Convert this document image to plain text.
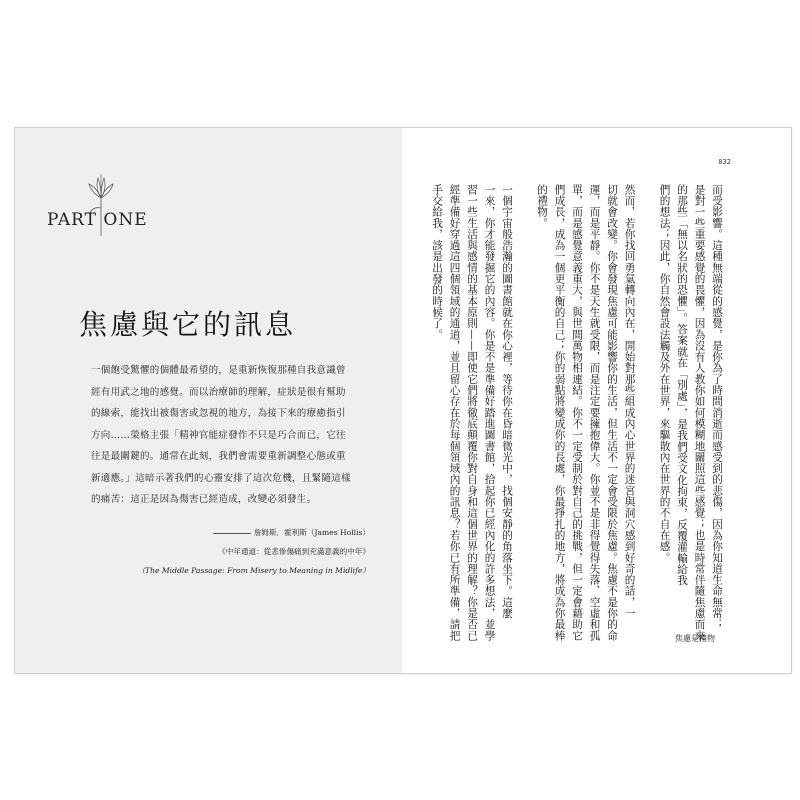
PART ONE
焦慮與它的訊息
一個飽受驚懼的個體最希望的，是重新恢復那種自我意識曾經有用武之地的感覺。而以治療師的理解，症狀是很有幫助的線索，能找出被傷害或忽視的地方，為接下來的療癒指引方向……榮格主張「精神官能症發作不只是巧合而已，它往往是最關鍵的。通常在此刻，我們會需要重新調整心態或重新適應。」這暗示著我們的心靈安排了這次危機，且緊隨這樣的痛苦：這正是因為傷害已經造成，改變必須發生。
詹姆斯．霍利斯（James Hollis）
《中年通道：從悲慘傷痛到充滿意義的中年》
（The Middle Passage: From Misery to Meaning in Midlife）
032
而受影響。這種無端從的感覺，是你為了時間消逝而感受到的悲傷，因為你知道生命無常；
是對一些重要感覺的畏懼，因為沒有人教你如何模糊地關照這些感覺；也是時常伴隨焦慮而來
的那些「無以名狀的恐懼」。答案就在「別處」，是我們受文化拘束，反覆灌輸給我
們的想法；因此，你自然會設法觸及外在世界，來驅散內在世界的不自在感。
然而，若你找回勇氣轉向內在，開始對那些組成內心世界的迷宮與洞穴感到好奇的話，一
切就會改變。你會發現焦慮可能影響你的生活，但生活不一定會受限於焦慮。焦慮不是你的命
運，而是平靜。你不是天生就受限，而是注定要擁抱偉大。你並不是非得覺得失落、空虛和孤
單，而是感覺意義重大，與世間萬物相連結。你不一定受制於對自己的挑戰，但一定會藉助它
們成長，成為一個更平衡的自己；你的弱點將變成你的長處，你最掙扎的地方，將成為你最棒
的禮物。
一個宇宙般浩瀚的圖書館就在你心裡，等待你在昏暗微光中，找個安靜的角落坐下。這麼
一來，你才能發掘它的內容。你是不是準備好踏進圖書館，拾起你已經內化的許多想法，並學
習一些生活與感情的基本原則——即使它們將徹底顛覆你對自身和這個世界的理解？你是否已
經準備好穿過這四個領域的通道，並且留心存在於每個領域內的訊息？若你已有所準備，請把
手交給我，該是出發的時候了。
焦慮是禮物
